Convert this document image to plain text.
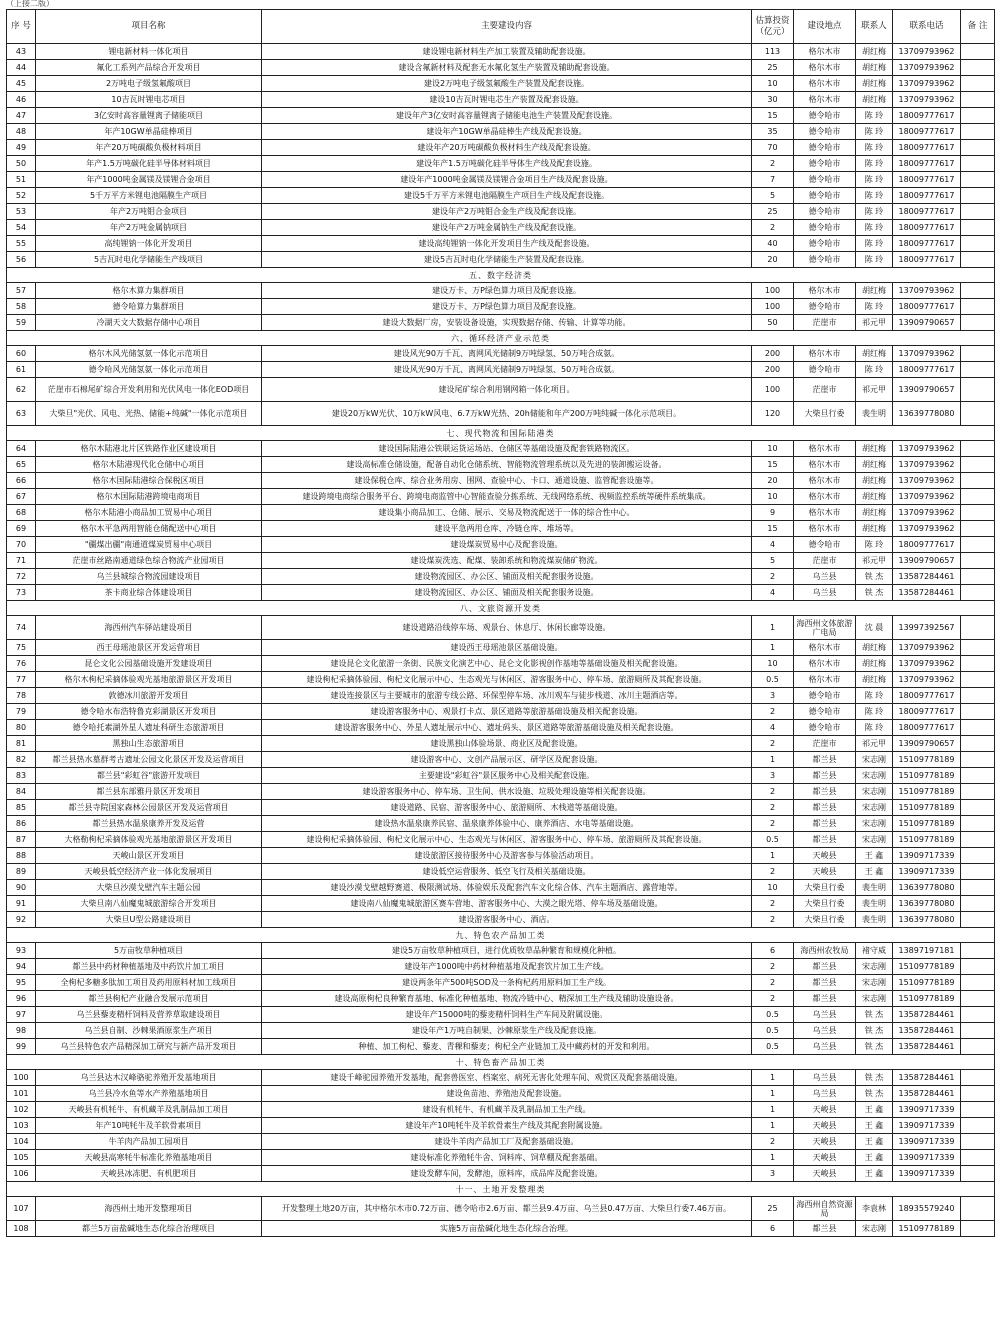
（上接二版）
序 号	项目名称	主要建设内容	估算投资（亿元）	建设地点	联系人	联系电话	备 注
43	锂电新材料一体化项目	建设锂电新材料生产加工装置及辅助配套设施。	113	格尔木市	胡红梅	13709793962	
44	氟化工系列产品综合开发项目	建设含氟新材料及配套无水氟化氢生产装置及辅助配套设施。	25	格尔木市	胡红梅	13709793962	
45	2万吨电子级氢氟酸项目	建设2万吨电子级氢氟酸生产装置及配套设施。	10	格尔木市	胡红梅	13709793962	
46	10吉瓦时锂电芯项目	建设10吉瓦时锂电芯生产装置及配套设施。	30	格尔木市	胡红梅	13709793962	
47	3亿安时高容量锂离子储能项目	建设年产3亿安时高容量锂离子储能电池生产装置及配套设施。	15	德令哈市	陈 玲	18009777617	
48	年产10GW单晶硅棒项目	建设年产10GW单晶硅棒生产线及配套设施。	35	德令哈市	陈 玲	18009777617	
49	年产20万吨碳酸负极材料项目	建设年产20万吨碳酸负极材料生产线及配套设施。	70	德令哈市	陈 玲	18009777617	
50	年产1.5万吨碳化硅半导体材料项目	建设年产1.5万吨碳化硅半导体生产线及配套设施。	2	德令哈市	陈 玲	18009777617	
51	年产1000吨金属镁及镁锂合金项目	建设年产1000吨金属镁及镁锂合金项目生产线及配套设施。	7	德令哈市	陈 玲	18009777617	
52	5千万平方米锂电池隔膜生产项目	建设5千万平方米锂电池隔膜生产项目生产线及配套设施。	5	德令哈市	陈 玲	18009777617	
53	年产2万吨钼合金项目	建设年产2万吨钼合金生产线及配套设施。	25	德令哈市	陈 玲	18009777617	
54	年产2万吨金属钠项目	建设年产2万吨金属钠生产线及配套设施。	2	德令哈市	陈 玲	18009777617	
55	高纯锂钠一体化开发项目	建设高纯锂钠一体化开发项目生产线及配套设施。	40	德令哈市	陈 玲	18009777617	
56	5吉瓦时电化学储能生产线项目	建设5吉瓦时电化学储能生产装置及配套设施。	20	德令哈市	陈 玲	18009777617	
五、数字经济类							
57	格尔木算力集群项目	建设万卡、万P绿色算力项目及配套设施。	100	格尔木市	胡红梅	13709793962	
58	德令哈算力集群项目	建设万卡、万P绿色算力项目及配套设施。	100	德令哈市	陈 玲	18009777617	
59	冷湖天文大数据存储中心项目	建设大数据厂房，安装设备设施，实现数据存储、传输、计算等功能。	50	茫崖市	祁元甲	13909790657	
六、循环经济产业示范类							
60	格尔木风光储氢氨一体化示范项目	建设风光90万千瓦、离网风光储制9万吨绿氢、50万吨合成氨。	200	格尔木市	胡红梅	13709793962	
61	德令哈风光储氢氨一体化示范项目	建设风光90万千瓦、离网风光储制9万吨绿氢、50万吨合成氨。	200	德令哈市	陈 玲	18009777617	
62	茫崖市石棉尾矿综合开发利用和光伏风电一体化EOD项目	建设尾矿综合利用钢网箱一体化项目。	100	茫崖市	祁元甲	13909790657	
63	大柴旦"光伏、风电、光热、储能+纯碱"一体化示范项目	建设20万kW光伏、10万kW风电、6.7万kW光热、20h储能和年产200万吨纯碱一体化示范项目。	120	大柴旦行委	裴生明	13639778080	
七、现代物流和国际陆港类							
64	格尔木陆港北片区铁路作业区建设项目	建设国际陆港公铁联运货运场站、仓储区等基础设施及配套铁路物流区。	10	格尔木市	胡红梅	13709793962	
65	格尔木陆港现代化仓储中心项目	建设高标准仓储设施，配备自动化仓储系统、智能物流管理系统以及先进的装卸搬运设备。	15	格尔木市	胡红梅	13709793962	
66	格尔木国际陆港综合保税区项目	建设保税仓库、综合业务用房、围网、查验中心、卡口、通道设施、监管配套设施等。	20	格尔木市	胡红梅	13709793962	
67	格尔木国际陆港跨境电商项目	建设跨境电商综合服务平台、跨境电商监管中心智能查验分拣系统、无线网络系统、视频监控系统等硬件系统集成。	10	格尔木市	胡红梅	13709793962	
68	格尔木陆港小商品加工贸易中心项目	建设集小商品加工、仓储、展示、交易及物流配送于一体的综合性中心。	9	格尔木市	胡红梅	13709793962	
69	格尔木平急两用智能仓储配送中心项目	建设平急两用仓库、冷链仓库、堆场等。	15	格尔木市	胡红梅	13709793962	
70	"疆煤出疆"南通道煤炭贸易中心项目	建设煤炭贸易中心及配套设施。	4	德令哈市	陈 玲	18009777617	
71	茫崖市丝路南通道绿色综合物流产业园项目	建设煤炭洗选、配煤、装卸系统和物流煤炭储矿物流。	5	茫崖市	祁元甲	13909790657	
72	乌兰县城综合物流园建设项目	建设物流园区、办公区、铺面及相关配套服务设施。	2	乌兰县	铁 杰	13587284461	
73	茶卡商业综合体建设项目	建设物流园区、办公区、铺面及相关配套服务设施。	4	乌兰县	铁 杰	13587284461	
八、文旅资源开发类							
74	海西州汽车驿站建设项目	建设道路沿线停车场、观景台、休息厅、休闲长廊等设施。	1	海西州文体旅游广电局	沈 晨	13997392567	
75	西王母瑶池景区开发运营项目	建设西王母瑶池景区基础设施。	1	格尔木市	胡红梅	13709793962	
76	昆仑文化公园基础设施开发建设项目	建设昆仑文化旅游一条街、民族文化演艺中心、昆仑文化影视创作基地等基础设施及相关配套设施。	10	格尔木市	胡红梅	13709793962	
77	格尔木枸杞采摘体验观光基地旅游景区开发项目	建设枸杞采摘体验园、枸杞文化展示中心、生态观光与休闲区、游客服务中心、停车场、旅游厕所及其配套设施。	0.5	格尔木市	胡红梅	13709793962	
78	敦德冰川旅游开发项目	建设连接景区与主要城市的旅游专线公路、环保型停车场、冰川观车与徒步栈道、冰川主题酒店等。	3	德令哈市	陈 玲	18009777617	
79	德令哈水布浩特鲁克彩湖景区开发项目	建设游客服务中心、观景打卡点、景区道路等旅游基础设施及相关配套设施。	2	德令哈市	陈 玲	18009777617	
80	德令哈托素湖外星人遗址科研生态旅游项目	建设游客服务中心、外星人遗址展示中心、遗址码头、景区道路等旅游基础设施及相关配套设施。	4	德令哈市	陈 玲	18009777617	
81	黑独山生态旅游项目	建设黑独山体验场景、商业区及配套设施。	2	茫崖市	祁元甲	13909790657	
82	都兰县热水墓群考古遗址公园文化景区开发及运营项目	建设游客中心、文创产品展示区、研学区及配套设施。	1	都兰县	宋志刚	15109778189	
83	都兰县"彩虹谷"旅游开发项目	主要建设"彩虹谷"景区服务中心及相关配套设施。	3	都兰县	宋志刚	15109778189	
84	都兰县东部雅丹景区开发项目	建设游客服务中心、停车场、卫生间、供水设施、垃圾处理设施等相关配套设施。	2	都兰县	宋志刚	15109778189	
85	都兰县寺院国家森林公园景区开发及运营项目	建设道路、民宿、游客服务中心、旅游厕所、木栈道等基础设施。	2	都兰县	宋志刚	15109778189	
86	都兰县热水温泉康养开发及运营	建设热水温泉康养民宿、温泉康养体验中心、康养酒店、水电等基础设施。	2	都兰县	宋志刚	15109778189	
87	大格勒枸杞采摘体验观光基地旅游景区开发项目	建设枸杞采摘体验园、枸杞文化展示中心、生态观光与休闲区、游客服务中心、停车场、旅游厕所及其配套设施。	0.5	都兰县	宋志刚	15109778189	
88	天峻山景区开发项目	建设旅游区接待服务中心及游客参与体验活动项目。	1	天峻县	王 鑫	13909717339	
89	天峻县低空经济产业一体化发展项目	建设低空运营服务、低空飞行及相关基础设施。	2	天峻县	王 鑫	13909717339	
90	大柴旦沙漠戈壁汽车主题公园	建设沙漠戈壁越野赛道、极限测试场、体验娱乐及配套汽车文化综合体、汽车主题酒店、露营地等。	10	大柴旦行委	裴生明	13639778080	
91	大柴旦南八仙魔鬼城旅游综合开发项目	建设南八仙魔鬼城旅游区赛车营地、游客服务中心、大漠之眼光塔、停车场及基础设施。	2	大柴旦行委	裴生明	13639778080	
92	大柴旦U型公路建设项目	建设游客服务中心、酒店。	2	大柴旦行委	裴生明	13639778080	
九、特色农产品加工类							
93	5万亩牧草种植项目	建设5万亩牧草种植项目，进行优质牧草品种繁育和规模化种植。	6	海西州农牧局	褚守威	13897197181	
94	都兰县中药材种植基地及中药饮片加工项目	建设年产1000吨中药材种植基地及配套饮片加工生产线。	2	都兰县	宋志刚	15109778189	
95	全枸杞多糖多肽加工项目及药用原料材加工线项目	建设两条年产500吨SOD及一条枸杞药用原料加工生产线。	2	都兰县	宋志刚	15109778189	
96	都兰县枸杞产业融合发展示范项目	建设高原枸杞良种繁育基地、标准化种植基地、物流冷链中心、精深加工生产线及辅助设施设备。	2	都兰县	宋志刚	15109778189	
97	乌兰县藜麦精杆饲料及营养草取建设项目	建设年产15000吨的藜麦精杆饲料生产车间及附属设施。	0.5	乌兰县	铁 杰	13587284461	
98	乌兰县自制、沙棘果酒原浆生产项目	建设年产1万吨自制果、沙棘原浆生产线及配套设施。	0.5	乌兰县	铁 杰	13587284461	
99	乌兰县特色农产品精深加工研究与新产品开发项目	种植、加工枸杞、藜麦、青稞和藜麦；枸杞全产业链加工及中藏药材的开发和利用。	0.5	乌兰县	铁 杰	13587284461	
十、特色畜产品加工类							
100	乌兰县达木汉峰骆驼养殖开发基地项目	建设千峰驼园养殖开发基地，配套兽医室、档案室、病死无害化处理车间、观赏区及配套基础设施。	1	乌兰县	铁 杰	13587284461	
101	乌兰县冷水鱼等水产养殖基地项目	建设鱼苗池、养殖池及配套设施。	1	乌兰县	铁 杰	13587284461	
102	天峻县有机牦牛、有机藏羊及乳制品加工项目	建设有机牦牛、有机藏羊及乳制品加工生产线。	1	天峻县	王 鑫	13909717339	
103	年产10吨牦牛及羊软骨素项目	建设年产10吨牦牛及羊软骨素生产线及其配套附属设施。	1	天峻县	王 鑫	13909717339	
104	牛羊肉产品加工园项目	建设牛羊肉产品加工厂及配套基础设施。	2	天峻县	王 鑫	13909717339	
105	天峻县高寒牦牛标准化养殖基地项目	建设标准化养殖牦牛舍、饲料库、饲草棚及配套基础。	1	天峻县	王 鑫	13909717339	
106	天峻县冰冻肥、有机肥项目	建设发酵车间，发酵池，原料库，成品库及配套设施。	3	天峻县	王 鑫	13909717339	
十一、土地开发整理类							
107	海西州土地开发整理项目	开发整理土地20万亩，其中格尔木市0.72万亩、德令哈市2.6万亩、都兰县9.4万亩、乌兰县0.47万亩、大柴旦行委7.46万亩。	25	海西州自然资源局	李袁林	18935579240	
108	都兰5万亩盐碱地生态化综合治理项目	实施5万亩盐碱化地生态化综合治理。	6	都兰县	宋志刚	15109778189	
